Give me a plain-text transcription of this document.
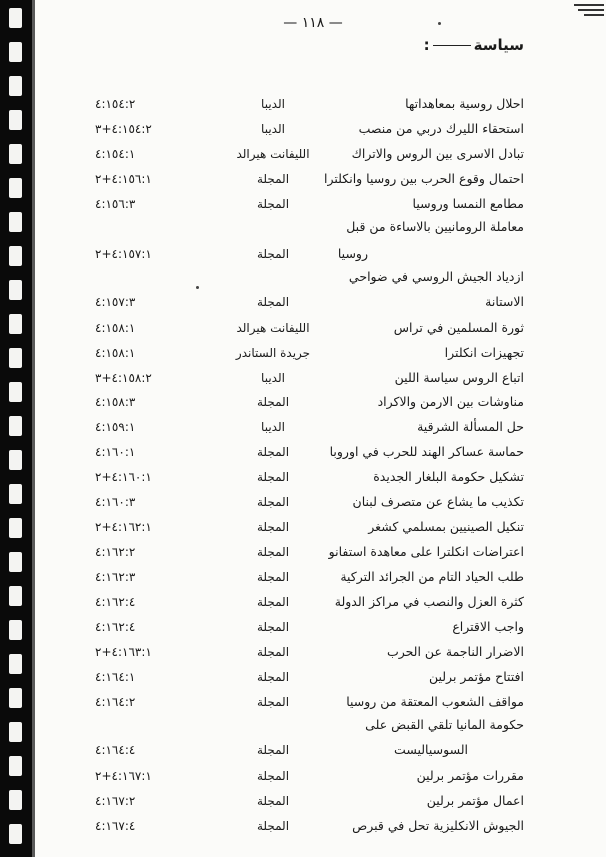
— ١١٨ —
سياسة:
احلال روسية بمعاهداتها
الديبا
٤:١٥٤:٢
استحقاء الليرك دربي من منصب
الديبا
٤:١٥٤:٢+٣
تبادل الاسرى بين الروس والاتراك
الليفانت هيرالد
٤:١٥٤:١
احتمال وقوع الحرب بين روسيا وانكلترا
المجلة
٤:١٥٦:١+٢
مطامع النمسا وروسيا
المجلة
٤:١٥٦:٣
معاملة الرومانيين بالاساءة من قبل
روسيا
المجلة
٤:١٥٧:١+٢
ازدياد الجيش الروسي في ضواحي
الاستانة
المجلة
٤:١٥٧:٣
ثورة المسلمين في تراس
الليفانت هيرالد
٤:١٥٨:١
تجهيزات انكلترا
جريدة الستاندر
٤:١٥٨:١
اتباع الروس سياسة اللين
الديبا
٤:١٥٨:٢+٣
مناوشات بين الارمن والاكراد
المجلة
٤:١٥٨:٣
حل المسألة الشرقية
الديبا
٤:١٥٩:١
حماسة عساكر الهند للحرب في اوروبا
المجلة
٤:١٦٠:١
تشكيل حكومة البلغار الجديدة
المجلة
٤:١٦٠:١+٢
تكذيب ما يشاع عن متصرف لبنان
المجلة
٤:١٦٠:٣
تنكيل الصينيين بمسلمي كشغر
المجلة
٤:١٦٢:١+٢
اعتراضات انكلترا على معاهدة استفانو
المجلة
٤:١٦٢:٢
طلب الحياد التام من الجرائد التركية
المجلة
٤:١٦٢:٣
كثرة العزل والنصب في مراكز الدولة
المجلة
٤:١٦٢:٤
واجب الاقتراع
المجلة
٤:١٦٢:٤
الاضرار الناجمة عن الحرب
المجلة
٤:١٦٣:١+٢
افتتاح مؤتمر برلين
المجلة
٤:١٦٤:١
مواقف الشعوب المعتقة من روسيا
المجلة
٤:١٦٤:٢
حكومة المانيا تلقي القبض على
السوسياليست
المجلة
٤:١٦٤:٤
مقررات مؤتمر برلين
المجلة
٤:١٦٧:١+٢
اعمال مؤتمر برلين
المجلة
٤:١٦٧:٢
الجيوش الانكليزية تحل في قبرص
المجلة
٤:١٦٧:٤
